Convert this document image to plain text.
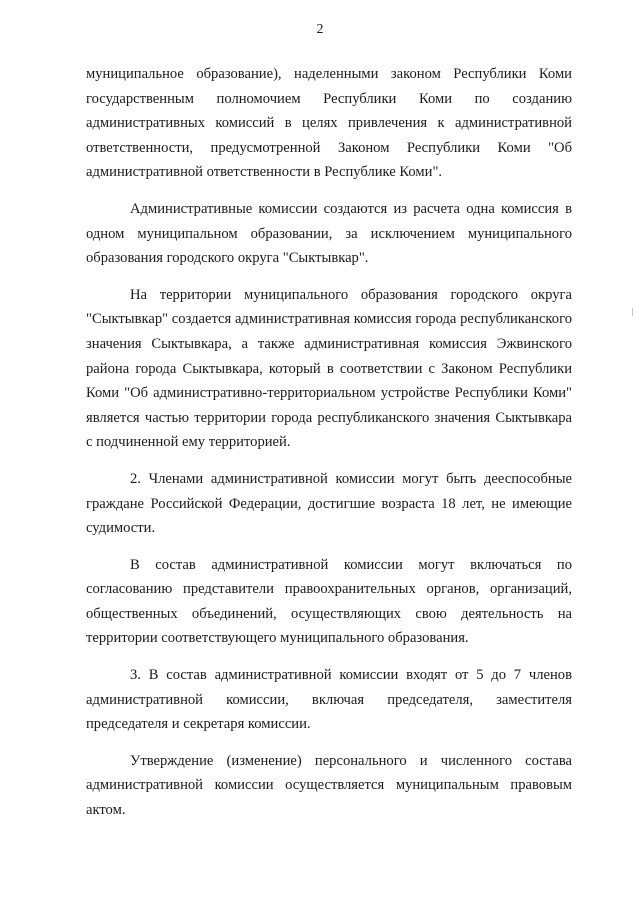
2

муниципальное образование), наделенными законом Республики Коми государственным полномочием Республики Коми по созданию административных комиссий в целях привлечения к административной ответственности, предусмотренной Законом Республики Коми "Об административной ответственности в Республике Коми".

Административные комиссии создаются из расчета одна комиссия в одном муниципальном образовании, за исключением муниципального образования городского округа "Сыктывкар".

На территории муниципального образования городского округа "Сыктывкар" создается административная комиссия города республиканского значения Сыктывкара, а также административная комиссия Эжвинского района города Сыктывкара, который в соответствии с Законом Республики Коми "Об административно-территориальном устройстве Республики Коми" является частью территории города республиканского значения Сыктывкара с подчиненной ему территорией.

2. Членами административной комиссии могут быть дееспособные граждане Российской Федерации, достигшие возраста 18 лет, не имеющие судимости.

В состав административной комиссии могут включаться по согласованию представители правоохранительных органов, организаций, общественных объединений, осуществляющих свою деятельность на территории соответствующего муниципального образования.

3. В состав административной комиссии входят от 5 до 7 членов административной комиссии, включая председателя, заместителя председателя и секретаря комиссии.

Утверждение (изменение) персонального и численного состава административной комиссии осуществляется муниципальным правовым актом.
